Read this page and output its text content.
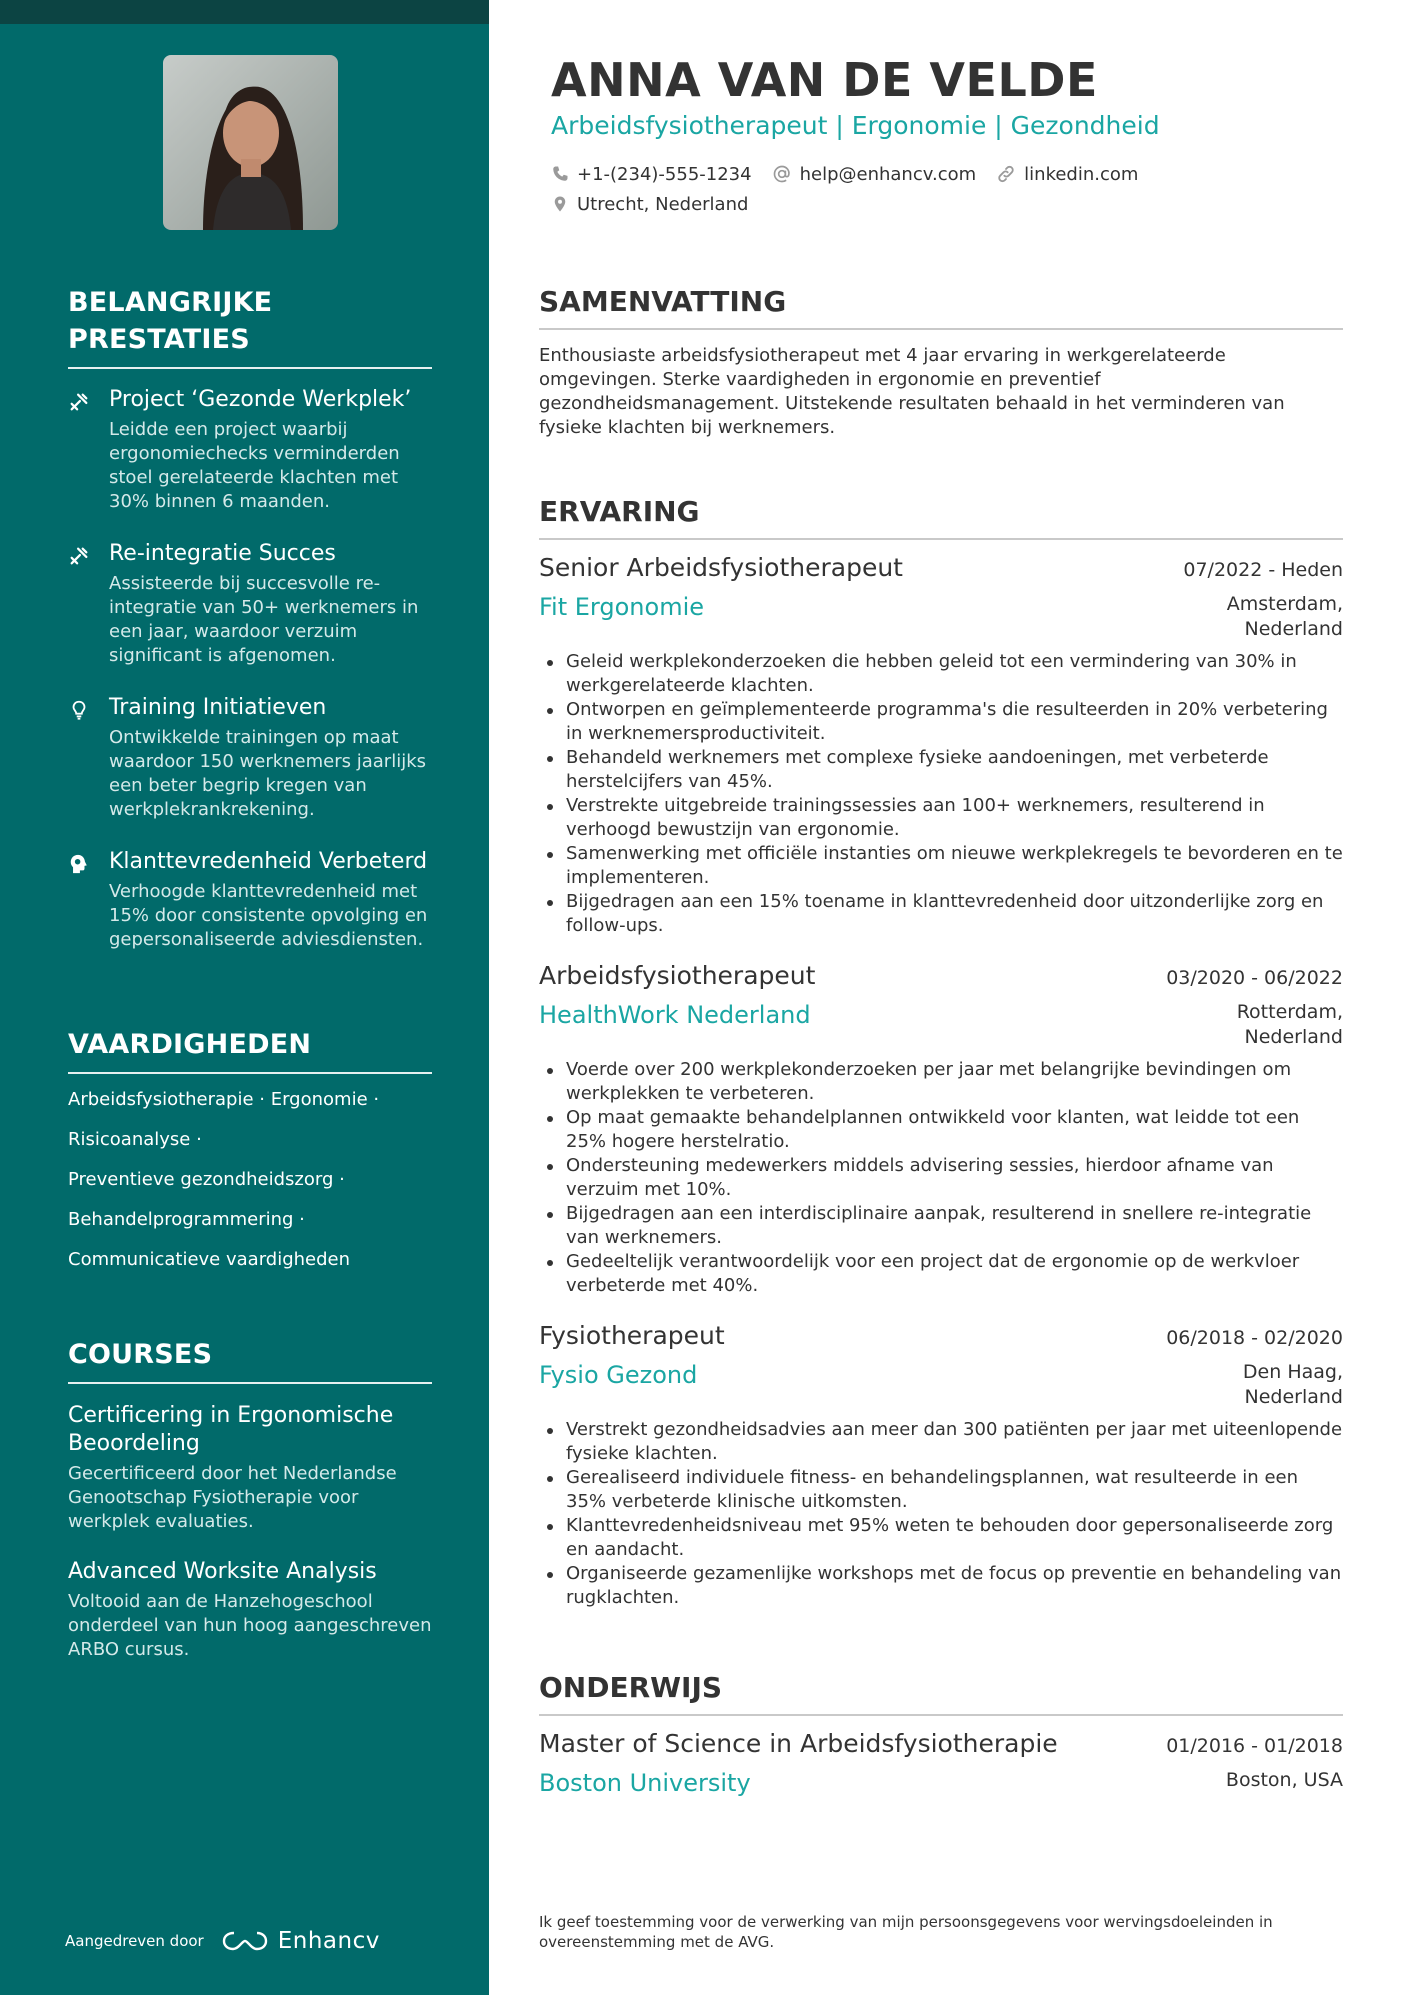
BELANGRIJKE PRESTATIES
Project ‘Gezonde Werkplek’
Leidde een project waarbij ergonomiechecks verminderden stoel gerelateerde klachten met 30% binnen 6 maanden.
Re-integratie Succes
Assisteerde bij succesvolle re-integratie van 50+ werknemers in een jaar, waardoor verzuim significant is afgenomen.
Training Initiatieven
Ontwikkelde trainingen op maat waardoor 150 werknemers jaarlijks een beter begrip kregen van werkplekrankrekening.
Klanttevredenheid Verbeterd
Verhoogde klanttevredenheid met 15% door consistente opvolging en gepersonaliseerde adviesdiensten.
VAARDIGHEDEN
Arbeidsfysiotherapie · Ergonomie ·
Risicoanalyse ·
Preventieve gezondheidszorg ·
Behandelprogrammering ·
Communicatieve vaardigheden
COURSES
Certificering in Ergonomische Beoordeling
Gecertificeerd door het Nederlandse Genootschap Fysiotherapie voor werkplek evaluaties.
Advanced Worksite Analysis
Voltooid aan de Hanzehogeschool onderdeel van hun hoog aangeschreven ARBO cursus.
Aangedreven door	Enhancv
ANNA VAN DE VELDE
Arbeidsfysiotherapeut | Ergonomie | Gezondheid
+1-(234)-555-1234	help@enhancv.com	linkedin.com
Utrecht, Nederland
SAMENVATTING

Enthousiaste arbeidsfysiotherapeut met 4 jaar ervaring in werkgerelateerde omgevingen. Sterke vaardigheden in ergonomie en preventief gezondheidsmanagement. Uitstekende resultaten behaald in het verminderen van fysieke klachten bij werknemers.

ERVARING
Senior Arbeidsfysiotherapeut	07/2022 - Heden
Fit Ergonomie	Amsterdam, Nederland
Geleid werkplekonderzoeken die hebben geleid tot een vermindering van 30% in werkgerelateerde klachten.
Ontworpen en geïmplementeerde programma's die resulteerden in 20% verbetering in werknemersproductiviteit.
Behandeld werknemers met complexe fysieke aandoeningen, met verbeterde herstelcijfers van 45%.
Verstrekte uitgebreide trainingssessies aan 100+ werknemers, resulterend in verhoogd bewustzijn van ergonomie.
Samenwerking met officiële instanties om nieuwe werkplekregels te bevorderen en te implementeren.
Bijgedragen aan een 15% toename in klanttevredenheid door uitzonderlijke zorg en follow-ups.
Arbeidsfysiotherapeut	03/2020 - 06/2022
HealthWork Nederland	Rotterdam, Nederland
Voerde over 200 werkplekonderzoeken per jaar met belangrijke bevindingen om werkplekken te verbeteren.
Op maat gemaakte behandelplannen ontwikkeld voor klanten, wat leidde tot een 25% hogere herstelratio.
Ondersteuning medewerkers middels advisering sessies, hierdoor afname van verzuim met 10%.
Bijgedragen aan een interdisciplinaire aanpak, resulterend in snellere re-integratie van werknemers.
Gedeeltelijk verantwoordelijk voor een project dat de ergonomie op de werkvloer verbeterde met 40%.
Fysiotherapeut	06/2018 - 02/2020
Fysio Gezond	Den Haag, Nederland
Verstrekt gezondheidsadvies aan meer dan 300 patiënten per jaar met uiteenlopende fysieke klachten.
Gerealiseerd individuele fitness- en behandelingsplannen, wat resulteerde in een 35% verbeterde klinische uitkomsten.
Klanttevredenheidsniveau met 95% weten te behouden door gepersonaliseerde zorg en aandacht.
Organiseerde gezamenlijke workshops met de focus op preventie en behandeling van rugklachten.
ONDERWIJS
Master of Science in Arbeidsfysiotherapie	01/2016 - 01/2018
Boston University	Boston, USA
Ik geef toestemming voor de verwerking van mijn persoonsgegevens voor wervingsdoeleinden in overeenstemming met de AVG.
